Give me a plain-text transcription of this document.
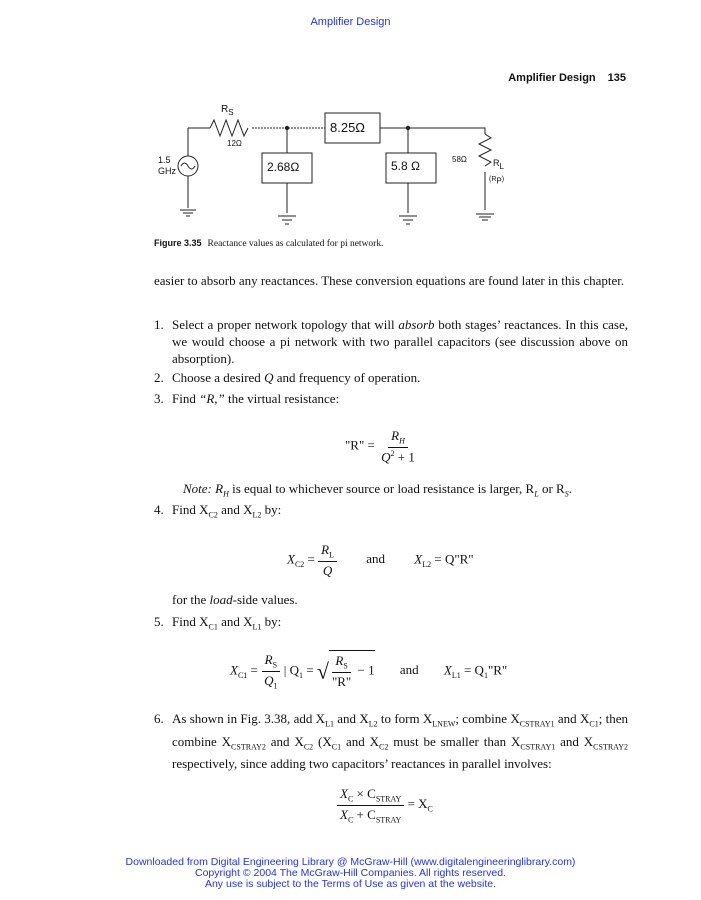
Amplifier Design
Amplifier Design 135
$R_S$
12Ω
1.5
GHz
8.25Ω
2.68Ω	5.8 Ω	58Ω	$R_L$
$(R_P)$
Figure 3.35 Reactance values as calculated for pi network.
easier to absorb any reactances. These conversion equations are found later in this chapter.
1. Select a proper network topology that will absorb both stages’ reactances. In this case, we would choose a pi network with two parallel capacitors (see discussion above on absorption).
2. Choose a desired Q and frequency of operation.
3. Find “R,” the virtual resistance:
"R" = $\frac{R_H}{Q^2 + 1}$
Note: $R_H$ is equal to whichever source or load resistance is larger, $R_L$ or $R_S$.
4. Find $X_{C2}$ and $X_{L2}$ by:
$X_{C2} = \frac{R_L}{Q}$ and $X_{L2}$ = Q"R"
for the load-side values.
5. Find $X_{C1}$ and $X_{L1}$ by:
$X_{C1} = \frac{R_S}{Q_1}$ | $Q_1$ = √ $\frac{R_S}{"R"} - 1$ and $X_{L1}$ = $Q_1"R$"
6. As shown in Fig. 3.38, add $X_{L1}$ and $X_{L2}$ to form $X_{LNEW}$; combine $X_{CSTRAY1}$ and $X_{C1}$; then combine $X_{CSTRAY2}$ and $X_{C2}$ ($X_{C1}$ and $X_{C2}$ must be smaller than $X_{CSTRAY1}$ and $X_{CSTRAY2}$ respectively, since adding two capacitors’ reactances in parallel involves:
$\frac{X_C \times C_{STRAY}}{X_C + C_{STRAY}} = X_C$
Downloaded from Digital Engineering Library @ McGraw-Hill (www.digitalengineeringlibrary.com)
Copyright © 2004 The McGraw-Hill Companies. All rights reserved.
Any use is subject to the Terms of Use as given at the website.
